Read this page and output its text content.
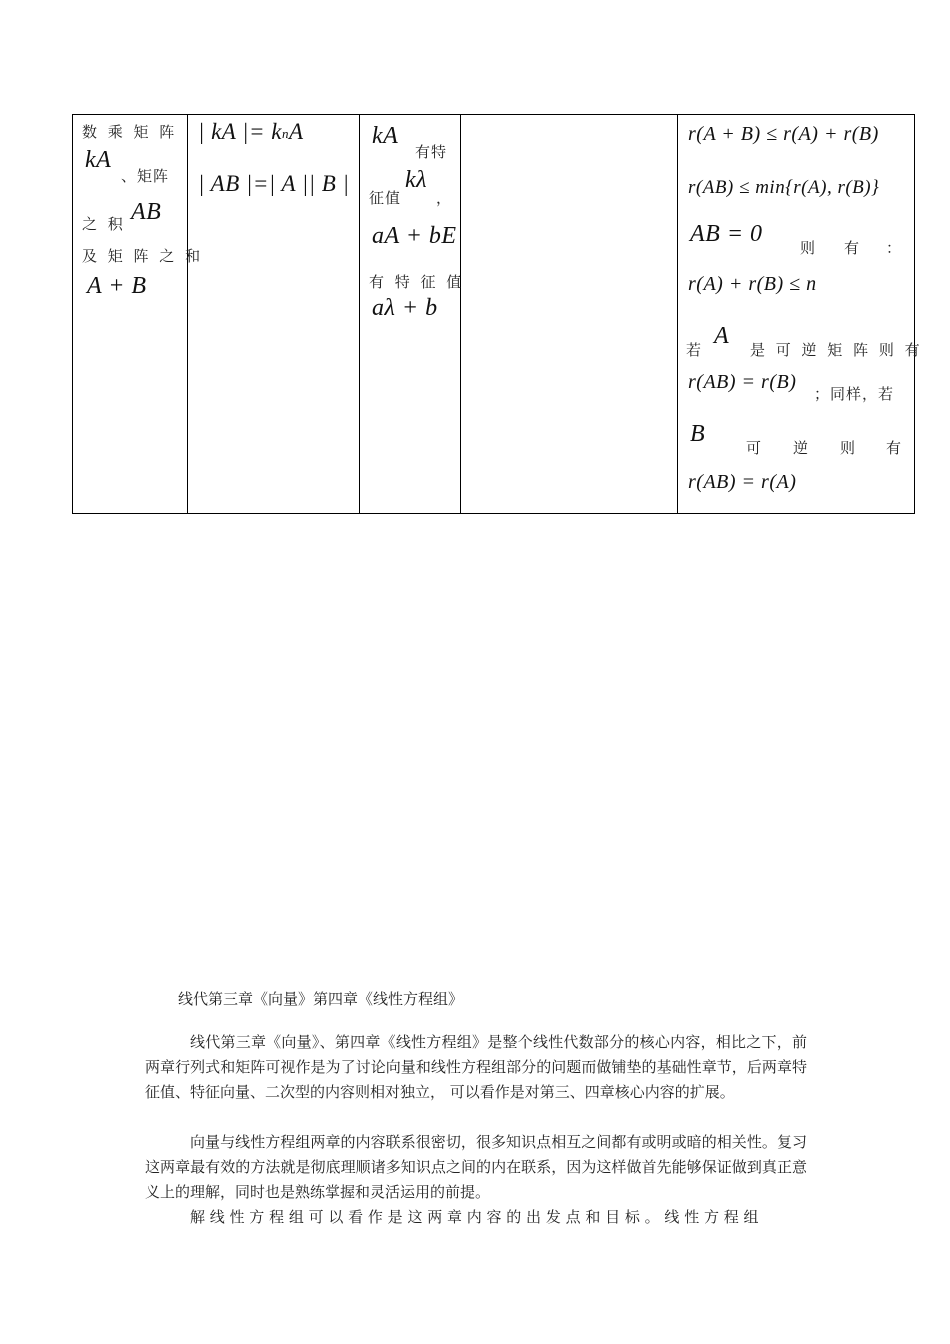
数 乘 矩 阵
kA
、矩阵
之 积 AB
及 矩 阵 之 和
A + B
| kA |= knA
| AB |=| A || B |
kA
有特
征值
kλ
，
aA + bE
有 特 征 值
aλ + b
r(A + B) ≤ r(A) + r(B)
r(AB) ≤ min{r(A), r(B)}
AB = 0
则 有 ：
r(A) + r(B) ≤ n
若
A
是 可 逆 矩 阵 则 有
r(AB) = r(B)
；同样，若
B
可 逆 则 有
r(AB) = r(A)
线代第三章《向量》第四章《线性方程组》

线代第三章《向量》、第四章《线性方程组》是整个线性代数部分的核心内容，相比之下，前两章行列式和矩阵可视作是为了讨论向量和线性方程组部分的问题而做铺垫的基础性章节，后两章特征值、特征向量、二次型的内容则相对独立， 可以看作是对第三、四章核心内容的扩展。

向量与线性方程组两章的内容联系很密切，很多知识点相互之间都有或明或暗的相关性。复习这两章最有效的方法就是彻底理顺诸多知识点之间的内在联系，因为这样做首先能够保证做到真正意义上的理解，同时也是熟练掌握和灵活运用的前提。

解 线 性 方 程 组 可 以 看 作 是 这 两 章 内 容 的 出 发 点 和 目 标 。 线 性 方 程 组
